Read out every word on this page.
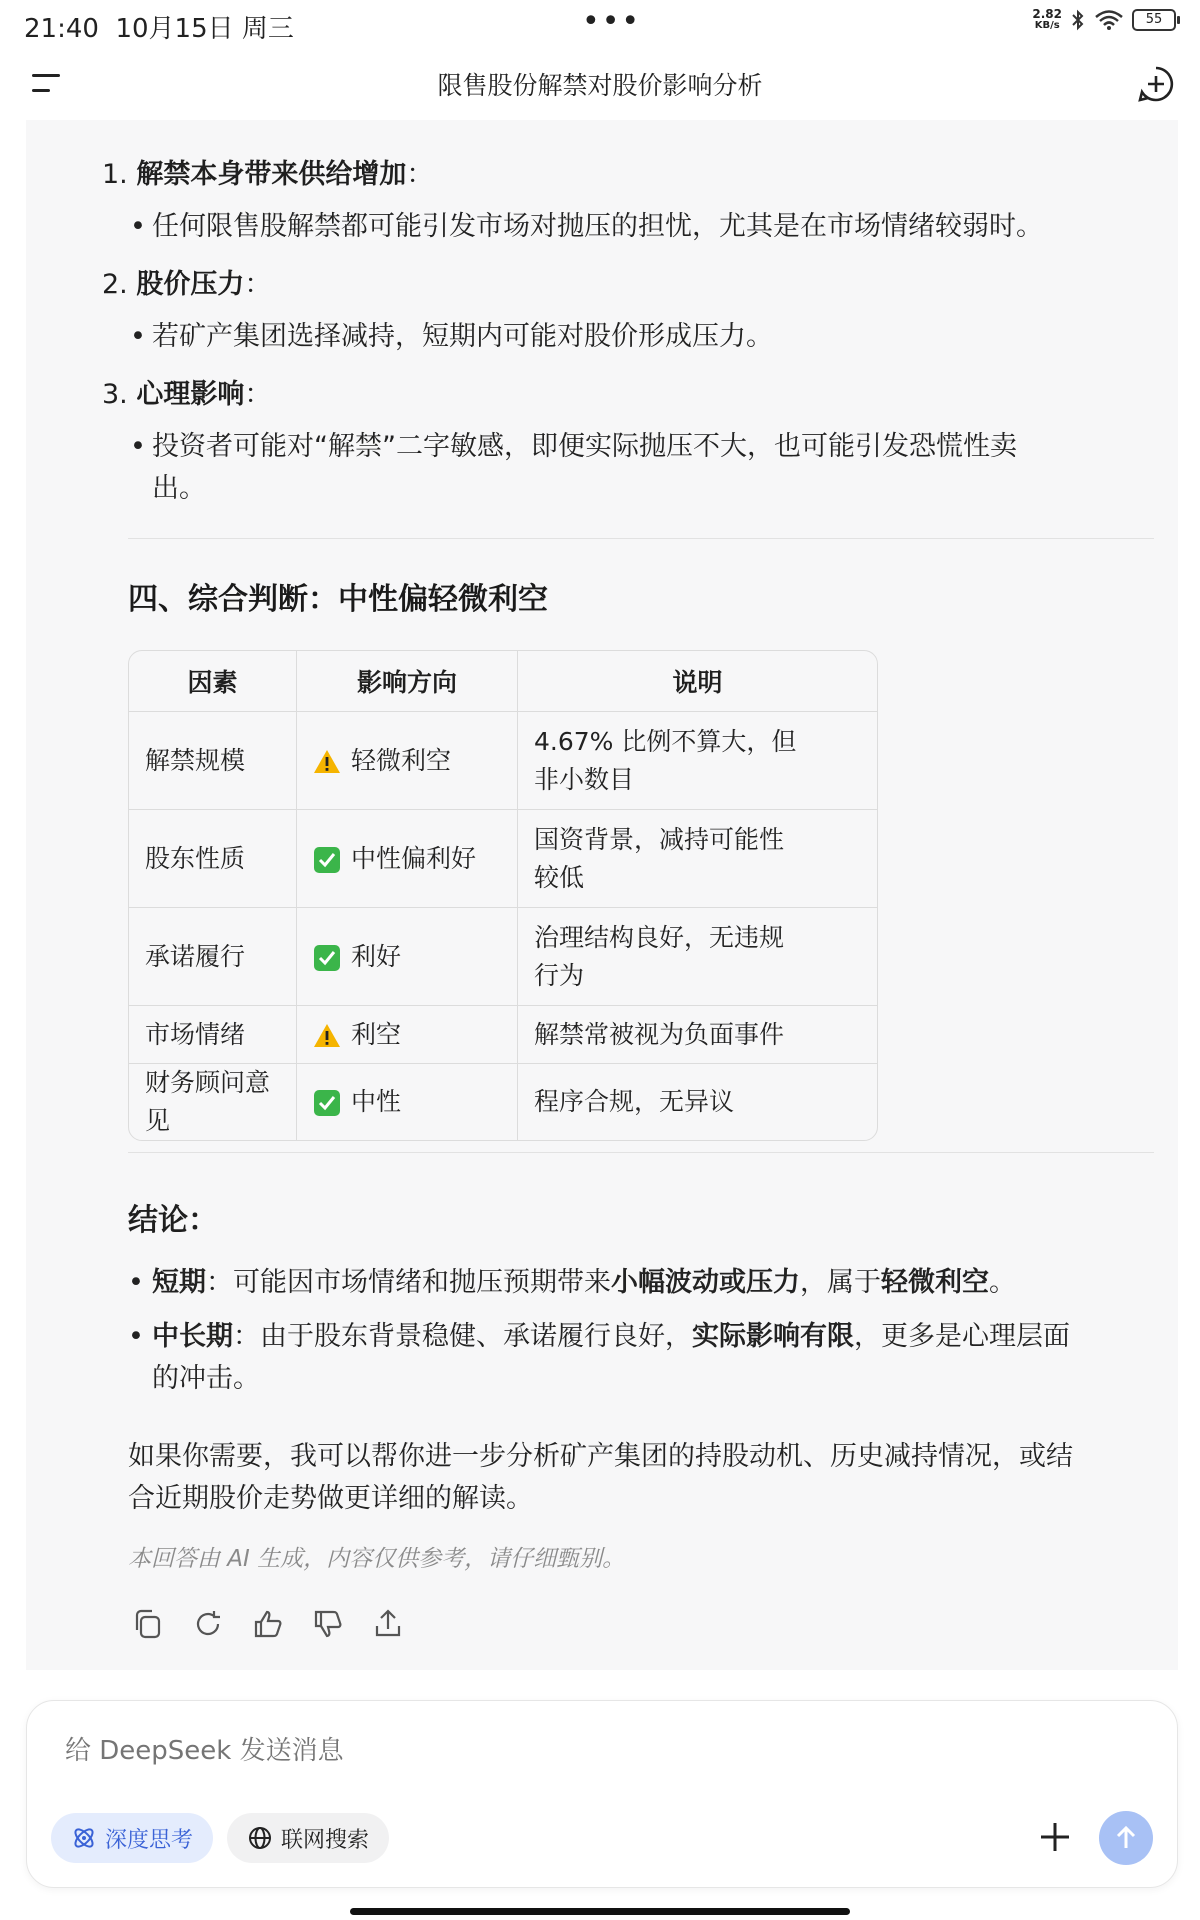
21:40 10月15日 周三	•••	2.82
KB/s	55
限售股份解禁对股价影响分析
1. 解禁本身带来供给增加：
• 任何限售股解禁都可能引发市场对抛压的担忧，尤其是在市场情绪较弱时。
2. 股价压力：
• 若矿产集团选择减持，短期内可能对股价形成压力。
3. 心理影响：
• 投资者可能对“解禁”二字敏感，即便实际抛压不大，也可能引发恐慌性卖
出。
四、综合判断：中性偏轻微利空
因素	影响方向	说明
解禁规模	轻微利空	4.67% 比例不算大，但
非小数目
股东性质	中性偏利好	国资背景，减持可能性
较低
承诺履行	利好	治理结构良好，无违规
行为
市场情绪	利空	解禁常被视为负面事件
财务顾问意见	中性	程序合规，无异议
结论：
• 短期：可能因市场情绪和抛压预期带来小幅波动或压力，属于轻微利空。
• 中长期：由于股东背景稳健、承诺履行良好，实际影响有限，更多是心理层面
的冲击。
如果你需要，我可以帮你进一步分析矿产集团的持股动机、历史减持情况，或结
合近期股价走势做更详细的解读。
本回答由 AI 生成，内容仅供参考，请仔细甄别。
给 DeepSeek 发送消息
深度思考	联网搜索
